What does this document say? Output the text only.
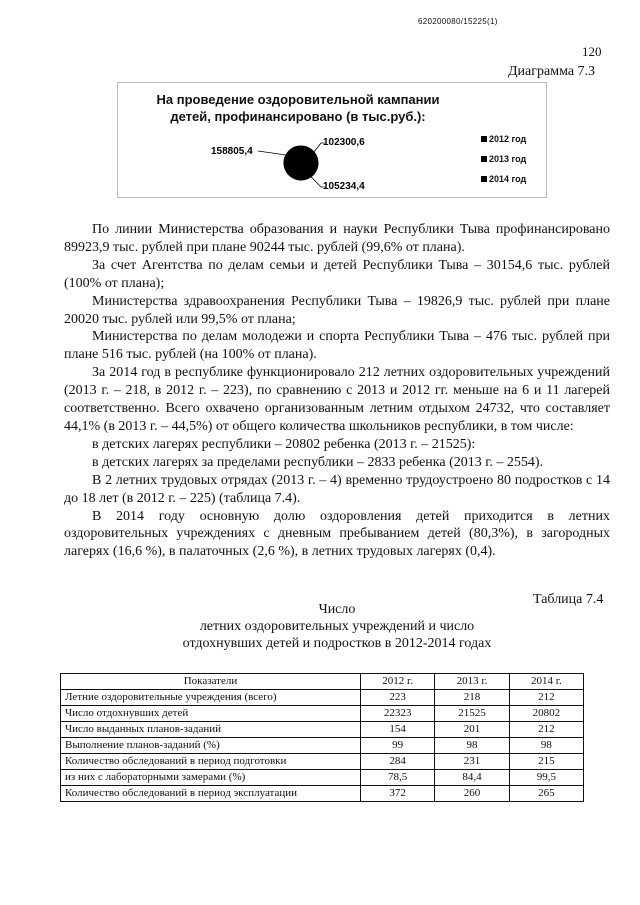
620200080/15225(1)
120
Диаграмма 7.3
На проведение оздоровительной кампании
детей, профинансировано (в тыс.руб.):
158805,4
102300,6
105234,4
2012 год
2013 год
2014 год

По линии Министерства образования и науки Республики Тыва профинансировано 89923,9 тыс. рублей при плане 90244 тыс. рублей (99,6% от плана).

За счет Агентства по делам семьи и детей Республики Тыва – 30154,6 тыс. рублей (100% от плана);

Министерства здравоохранения Республики Тыва – 19826,9 тыс. рублей при плане 20020 тыс. рублей или 99,5% от плана;

Министерства по делам молодежи и спорта Республики Тыва – 476 тыс. рублей при плане 516 тыс. рублей (на 100% от плана).

За 2014 год в республике функционировало 212 летних оздоровительных учреждений (2013 г. – 218, в 2012 г. – 223), по сравнению с 2013 и 2012 гг. меньше на 6 и 11 лагерей соответственно. Всего охвачено организованным летним отдыхом 24732, что составляет 44,1% (в 2013 г. – 44,5%) от общего количества школьников республики, в том числе:

в детских лагерях республики – 20802 ребенка (2013 г. – 21525):

в детских лагерях за пределами республики – 2833 ребенка (2013 г. – 2554).

В 2 летних трудовых отрядах (2013 г. – 4) временно трудоустроено 80 подростков с 14 до 18 лет (в 2012 г. – 225) (таблица 7.4).

В 2014 году основную долю оздоровления детей приходится в летних оздоровительных учреждениях с дневным пребыванием детей (80,3%), в загородных лагерях (16,6 %), в палаточных (2,6 %), в летних трудовых лагерях (0,4).

Таблица 7.4
Число
летних оздоровительных учреждений и число
отдохнувших детей и подростков в 2012-2014 годах
Показатели	2012 г.	2013 г.	2014 г.
Летние оздоровительные учреждения (всего)	223	218	212
Число отдохнувших детей	22323	21525	20802
Число выданных планов-заданий	154	201	212
Выполнение планов-заданий (%)	99	98	98
Количество обследований в период подготовки	284	231	215
из них с лабораторными замерами (%)	78,5	84,4	99,5
Количество обследований в период эксплуатации	372	260	265
